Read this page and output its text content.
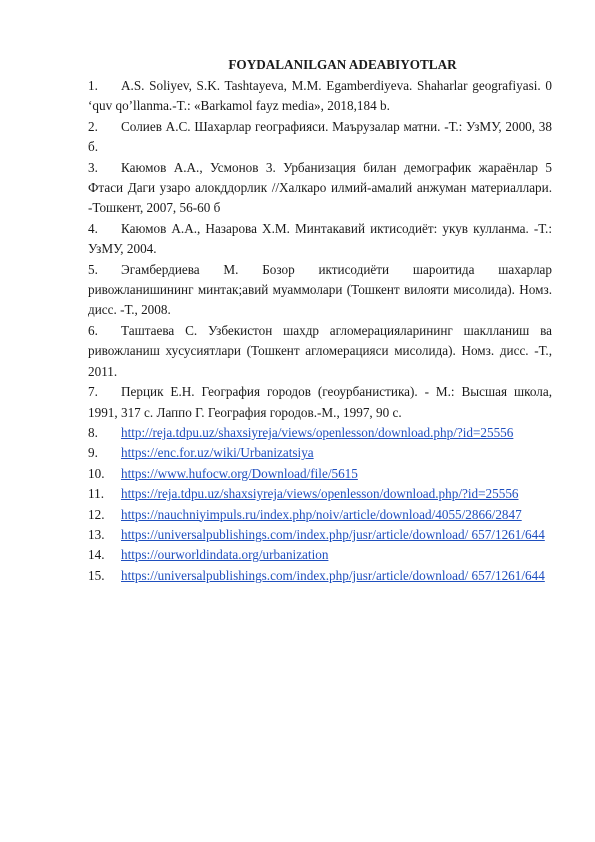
FOYDALANILGAN ADEABIYOTLAR
1.	A.S. Soliyev, S.K. Tashtayeva, M.M. Egamberdiyeva. Shaharlar geografiyasi. 0 ‘quv qo’llanma.-T.: «Barkamol fayz media», 2018,184 b.
2.	Солиев А.С. Шахарлар географияси. Маърузалар матни. -Т.: УзМУ, 2000, 38 б.
3.	Каюмов А.А., Усмонов 3. Урбанизация билан демографик жараёнлар 5 Фтаси Даги узаро алокддорлик //Халкаро илмий-амалий анжуман материаллари. -Тошкент, 2007, 56-60 б
4.	Каюмов А.А., Назарова Х.М. Минтакавий иктисодиёт: укув кулланма. -Т.: УзМУ, 2004.
5.	Эгамбердиева М. Бозор иктисодиёти шароитида шахарлар ривожланишининг минтак;авий муаммолари (Тошкент вилояти мисолида). Номз. дисс. -Т., 2008.
6.	Таштаева С. Узбекистон шахдр агломерацияларининг шаклланиш ва ривожланиш хусусиятлари (Тошкент агломерацияси мисолида). Номз. дисс. -Т., 2011.
7.	Перцик Е.Н. География городов (геоурбанистика). - М.: Высшая школа, 1991, 317 с. Лаппо Г. География городов.-М., 1997, 90 с.
8.	http://reja.tdpu.uz/shaxsiyreja/views/openlesson/download.php/?id=25556
9.	https://enc.for.uz/wiki/Urbanizatsiya
10.	https://www.hufocw.org/Download/file/5615
11.	https://reja.tdpu.uz/shaxsiyreja/views/openlesson/download.php/?id=25556
12.	https://nauchniyimpuls.ru/index.php/noiv/article/download/4055/2866/2847
13.	https://universalpublishings.com/index.php/jusr/article/download/ 657/1261/644
14.	https://ourworldindata.org/urbanization
15.	https://universalpublishings.com/index.php/jusr/article/download/ 657/1261/644
